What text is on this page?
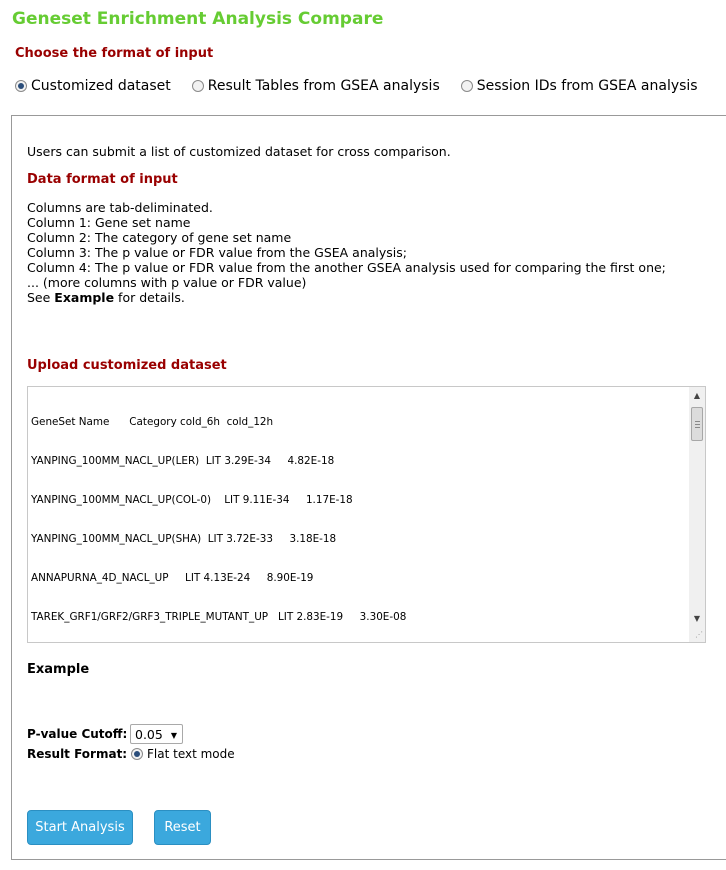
Geneset Enrichment Analysis Compare
Choose the format of input
Customized dataset	Result Tables from GSEA analysis	Session IDs from GSEA analysis
Users can submit a list of customized dataset for cross comparison.
Data format of input
Columns are tab-deliminated.
Column 1: Gene set name
Column 2: The category of gene set name
Column 3: The p value or FDR value from the GSEA analysis;
Column 4: The p value or FDR value from the another GSEA analysis used for comparing the first one;
... (more columns with p value or FDR value)
See Example for details.
Upload customized dataset

GeneSet Name      Category cold_6h  cold_12h

YANPING_100MM_NACL_UP(LER)  LIT 3.29E-34     4.82E-18

YANPING_100MM_NACL_UP(COL-0)    LIT 9.11E-34     1.17E-18

YANPING_100MM_NACL_UP(SHA)  LIT 3.72E-33     3.18E-18

ANNAPURNA_4D_NACL_UP     LIT 4.13E-24     8.90E-19

TAREK_GRF1/GRF2/GRF3_TRIPLE_MUTANT_UP   LIT 2.83E-19     3.30E-08

▲
▼
⋰
Example
P-value Cutoff: 0.05 ▼
Result Format: Flat text mode
Start Analysis	Reset
